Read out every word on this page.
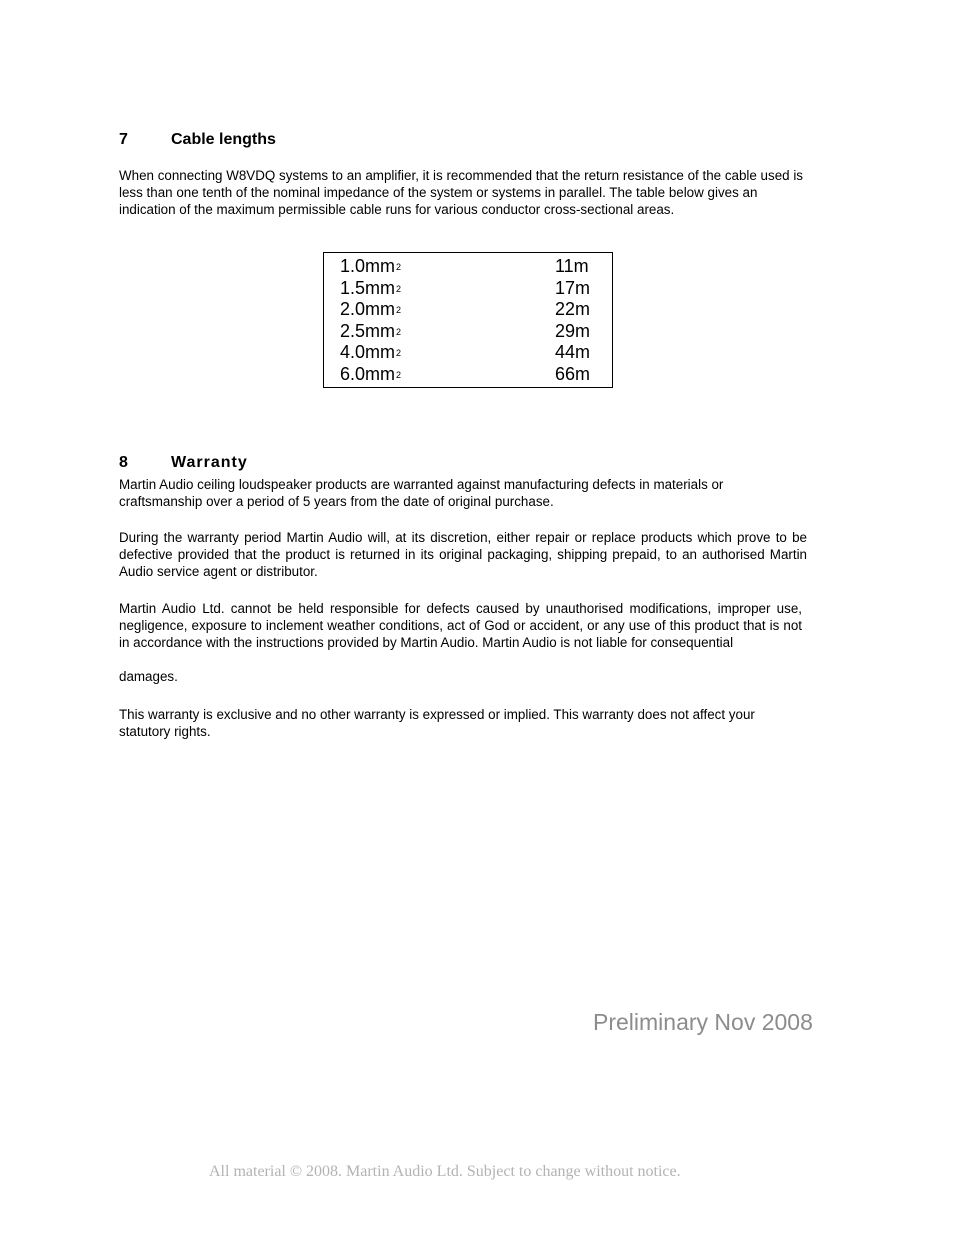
7	Cable lengths

When connecting W8VDQ systems to an amplifier, it is recommended that the return resistance of the cable used is less than one tenth of the nominal impedance of the system or systems in parallel. The table below gives an indication of the maximum permissible cable runs for various conductor cross-sectional areas.

$1.0mm^2$	11m
$1.5mm^2$	17m
$2.0mm^2$	22m
$2.5mm^2$	29m
$4.0mm^2$	44m
$6.0mm^2$	66m
8	Warranty

Martin Audio ceiling loudspeaker products are warranted against manufacturing defects in materials or craftsmanship over a period of 5 years from the date of original purchase.

During the warranty period Martin Audio will, at its discretion, either repair or replace products which prove to be defective provided that the product is returned in its original packaging, shipping prepaid, to an authorised Martin Audio service agent or distributor.

Martin Audio Ltd. cannot be held responsible for defects caused by unauthorised modifications, improper use, negligence, exposure to inclement weather conditions, act of God or accident, or any use of this product that is not in accordance with the instructions provided by Martin Audio. Martin Audio is not liable for consequential

damages.

This warranty is exclusive and no other warranty is expressed or implied. This warranty does not affect your statutory rights.

Preliminary Nov 2008
All material © 2008. Martin Audio Ltd. Subject to change without notice.
